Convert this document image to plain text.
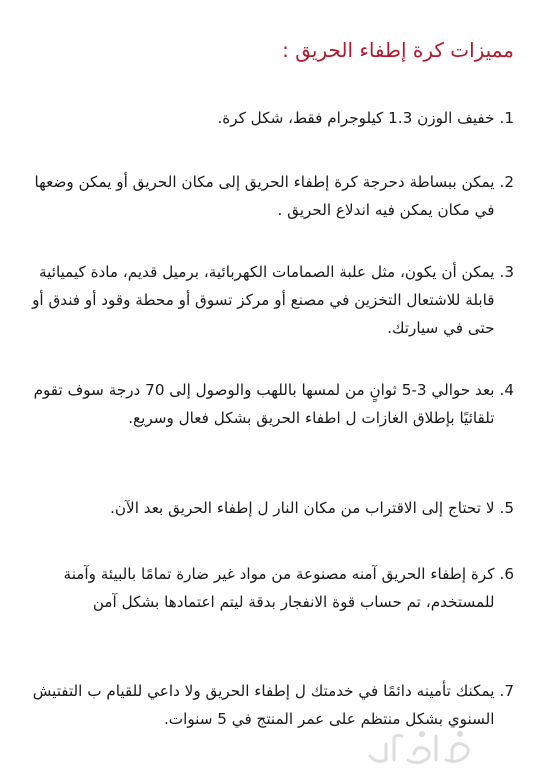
مميزات كرة إطفاء الحريق :
1.
خفيف الوزن 1.3 كيلوجرام فقط، شكل كرة.
2.
يمكن ببساطة دحرجة كرة إطفاء الحريق إلى مكان الحريق أو يمكن وضعها في مكان يمكن فيه اندلاع الحريق .
3.
يمكن أن يكون، مثل علبة الصمامات الكهربائية، برميل قديم، مادة كيميائية قابلة للاشتعال التخزين في مصنع أو مركز تسوق أو محطة وقود أو فندق أو حتى في سيارتك.
4.
بعد حوالي 3-5 ثوانٍ من لمسها باللهب والوصول إلى 70 درجة سوف تقوم تلقائيًا بإطلاق الغازات ل اطفاء الحريق بشكل فعال وسريع.
5.
لا تحتاج إلى الاقتراب من مكان النار ل إطفاء الحريق بعد الآن.
6.
كرة إطفاء الحريق آمنه مصنوعة من مواد غير ضارة تمامًا بالبيئة وآمنة للمستخدم، تم حساب قوة الانفجار بدقة ليتم اعتمادها بشكل آمن
7.
يمكنك تأمينه دائمًا في خدمتك ل إطفاء الحريق ولا داعي للقيام ب التفتيش السنوي بشكل منتظم على عمر المنتج في 5 سنوات.
